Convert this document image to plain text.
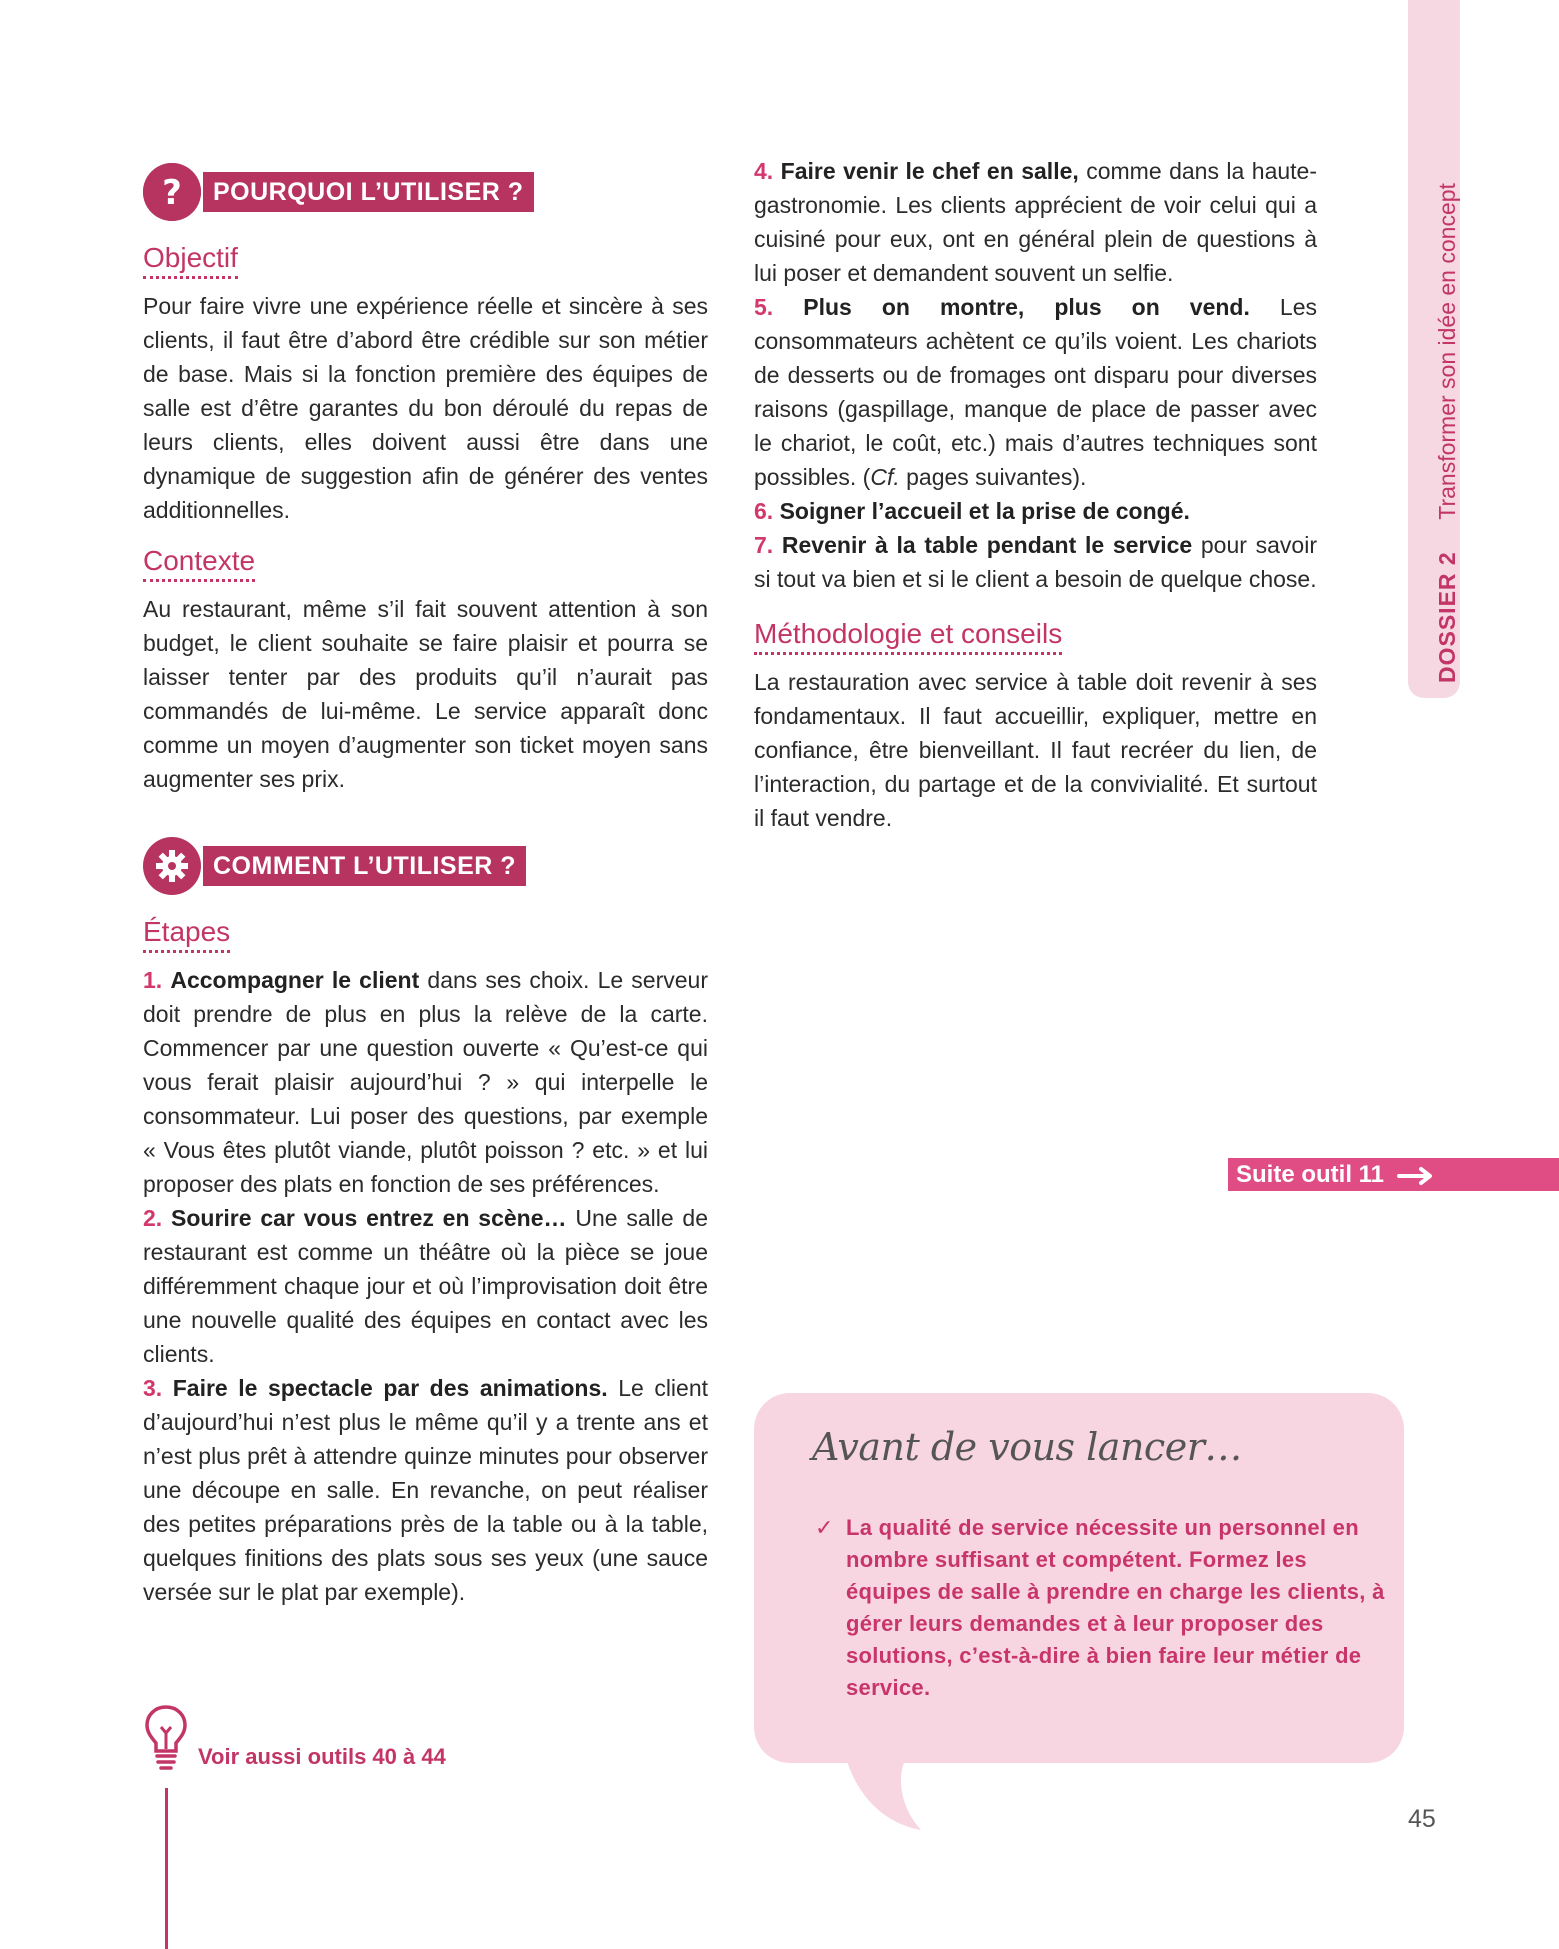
DOSSIER 2     Transformer son idée en concept
?	POURQUOI L’UTILISER ?
Objectif

Pour faire vivre une expérience réelle et sincère à ses clients, il faut être d’abord être crédible sur son métier de base. Mais si la fonction première des équipes de salle est d’être garantes du bon déroulé du repas de leurs clients, elles doivent aussi être dans une dynamique de suggestion afin de générer des ventes additionnelles.

Contexte

Au restaurant, même s’il fait souvent attention à son budget, le client souhaite se faire plaisir et pourra se laisser tenter par des produits qu’il n’aurait pas commandés de lui-même. Le service apparaît donc comme un moyen d’augmenter son ticket moyen sans augmenter ses prix.

COMMENT L’UTILISER ?
Étapes

1. Accompagner le client dans ses choix. Le serveur doit prendre de plus en plus la relève de la carte. Commencer par une question ouverte « Qu’est-ce qui vous ferait plaisir aujourd’hui ? » qui interpelle le consommateur. Lui poser des questions, par exemple « Vous êtes plutôt viande, plutôt poisson ? etc. » et lui proposer des plats en fonction de ses préférences.

2. Sourire car vous entrez en scène… Une salle de restaurant est comme un théâtre où la pièce se joue différemment chaque jour et où l’improvisation doit être une nouvelle qualité des équipes en contact avec les clients.

3. Faire le spectacle par des animations. Le client d’aujourd’hui n’est plus le même qu’il y a trente ans et n’est plus prêt à attendre quinze minutes pour observer une découpe en salle. En revanche, on peut réaliser des petites préparations près de la table ou à la table, quelques finitions des plats sous ses yeux (une sauce versée sur le plat par exemple).

4. Faire venir le chef en salle, comme dans la haute-gastronomie. Les clients apprécient de voir celui qui a cuisiné pour eux, ont en général plein de questions à lui poser et demandent souvent un selfie.

5. Plus on montre, plus on vend. Les consommateurs achètent ce qu’ils voient. Les chariots de desserts ou de fromages ont disparu pour diverses raisons (gaspillage, manque de place de passer avec le chariot, le coût, etc.) mais d’autres techniques sont possibles. (Cf. pages suivantes).

6. Soigner l’accueil et la prise de congé.

7. Revenir à la table pendant le service pour savoir si tout va bien et si le client a besoin de quelque chose.

Méthodologie et conseils

La restauration avec service à table doit revenir à ses fondamentaux. Il faut accueillir, expliquer, mettre en confiance, être bienveillant. Il faut recréer du lien, de l’interaction, du partage et de la convivialité. Et surtout il faut vendre.

Suite outil 11
Avant de vous lancer…
✓ La qualité de service nécessite un personnel en nombre suffisant et compétent. Formez les équipes de salle à prendre en charge les clients, à gérer leurs demandes et à leur proposer des solutions, c’est-à-dire à bien faire leur métier de service.
Voir aussi outils 40 à 44
45
